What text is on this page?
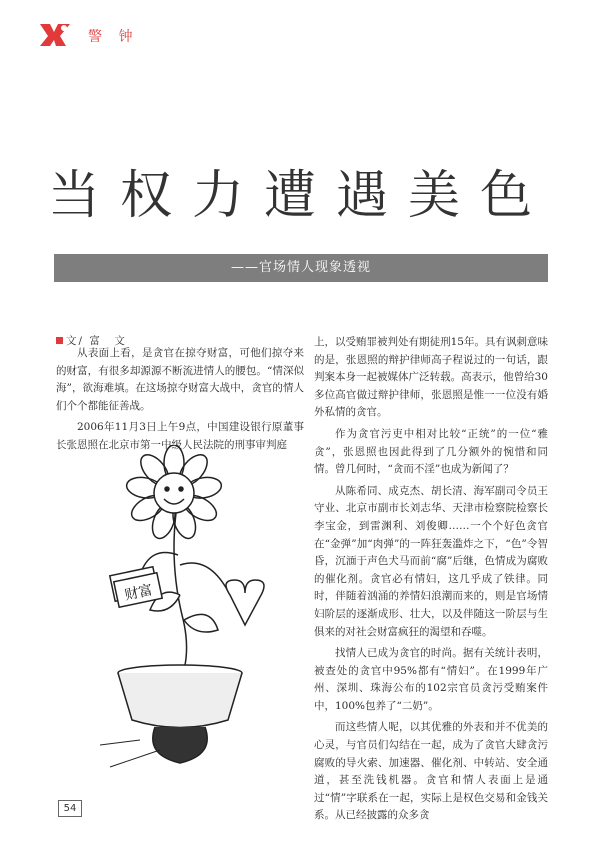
警 钟
当权力遭遇美色
——官场情人现象透视
文/ 富　文

从表面上看，是贪官在掠夺财富，可他们掠夺来的财富，有很多却源源不断流进情人的腰包。“情深似海”，欲海难填。在这场掠夺财富大战中，贪官的情人们个个都能征善战。

2006年11月3日上午9点，中国建设银行原董事长张恩照在北京市第一中级人民法院的刑事审判庭

财富

上，以受贿罪被判处有期徒刑15年。具有讽刺意味的是，张恩照的辩护律师高子程说过的一句话，跟判案本身一起被媒体广泛转载。高表示，他曾给30多位高官做过辩护律师，张恩照是惟一一位没有婚外私情的贪官。

作为贪官污吏中相对比较“正统”的一位“雅贪”，张恩照也因此得到了几分额外的惋惜和同情。曾几何时，“贪而不淫”也成为新闻了？

从陈希同、成克杰、胡长清、海军副司令员王守业、北京市副市长刘志华、天津市检察院检察长李宝金，到雷渊利、刘俊卿……一个个好色贪官在“金弹”加“肉弹”的一阵狂轰滥炸之下，“色”令智昏，沉湎于声色犬马而前“腐”后继，色情成为腐败的催化剂。贪官必有情妇，这几乎成了铁律。同时，伴随着汹涌的养情妇浪潮而来的，则是官场情妇阶层的逐渐成形、壮大，以及伴随这一阶层与生俱来的对社会财富疯狂的渴望和吞噬。

找情人已成为贪官的时尚。据有关统计表明，被查处的贪官中95%都有“情妇”。在1999年广州、深圳、珠海公布的102宗官员贪污受贿案件中，100%包养了“二奶”。

而这些情人呢，以其优雅的外表和并不优美的心灵，与官员们勾结在一起，成为了贪官大肆贪污腐败的导火索、加速器、催化剂、中转站、安全通道，甚至洗钱机器。贪官和情人表面上是通过“情”字联系在一起，实际上是权色交易和金钱关系。从已经披露的众多贪

54
